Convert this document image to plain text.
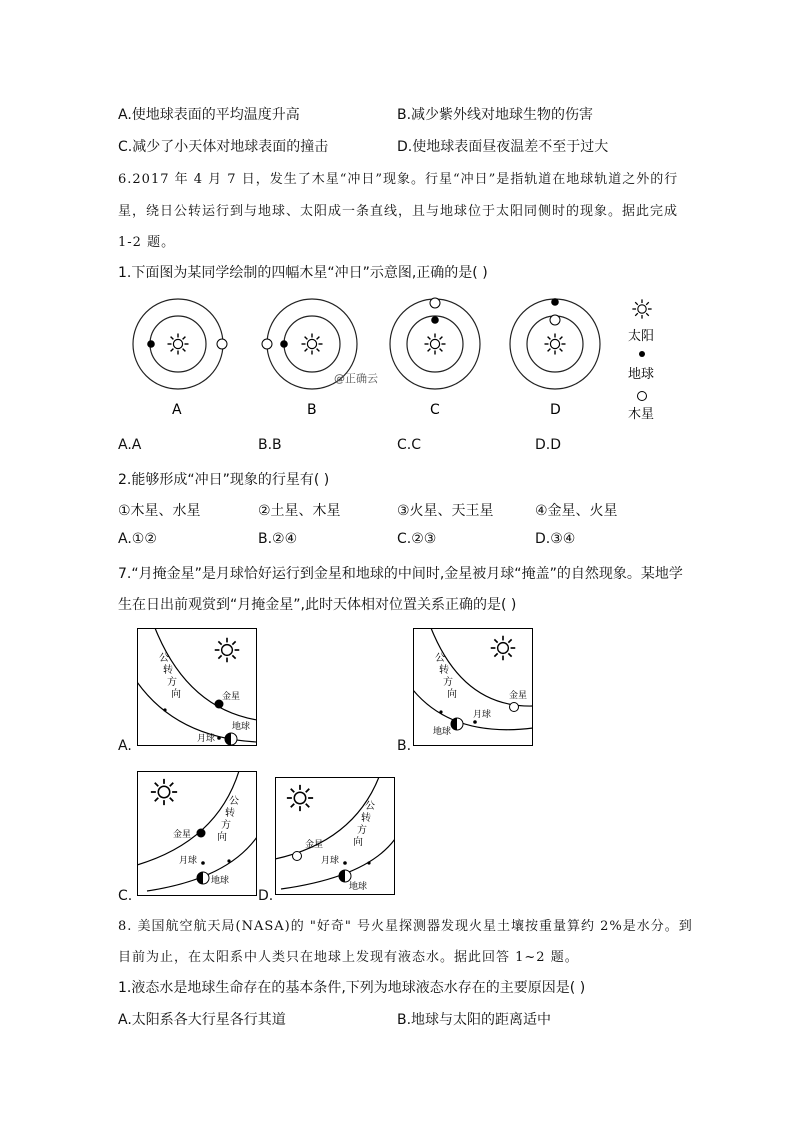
A.使地球表面的平均温度升高	B.减少紫外线对地球生物的伤害
C.减少了小天体对地球表面的撞击	D.使地球表面昼夜温差不至于过大
6.2017 年 4 月 7 日，发生了木星“冲日”现象。行星“冲日”是指轨道在地球轨道之外的行
星，绕日公转运行到与地球、太阳成一条直线，且与地球位于太阳同侧时的现象。据此完成
1-2 题。
1.下面图为某同学绘制的四幅木星“冲日”示意图,正确的是( )
A	B
@正确云
C	D
太阳
地球
木星
A.A	B.B	C.C	D.D
2.能够形成“冲日”现象的行星有( )
①木星、水星	②土星、木星	③火星、天王星	④金星、火星
A.①②	B.②④	C.②③	D.③④
7.“月掩金星”是月球恰好运行到金星和地球的中间时,金星被月球“掩盖”的自然现象。某地学
生在日出前观赏到“月掩金星”,此时天体相对位置关系正确的是( )
A.
公
转
方
向	金星
地球
月球	B.
公
转
方
向	金星
月球
地球
C.
公
转
方
向
金星
月球
地球
D.
公
转
方
向
金星
月球
地球
8. 美国航空航天局(NASA)的 "好奇" 号火星探测器发现火星土壤按重量算约 2%是水分。到
目前为止，在太阳系中人类只在地球上发现有液态水。据此回答 1~2 题。
1.液态水是地球生命存在的基本条件,下列为地球液态水存在的主要原因是( )
A.太阳系各大行星各行其道	B.地球与太阳的距离适中
